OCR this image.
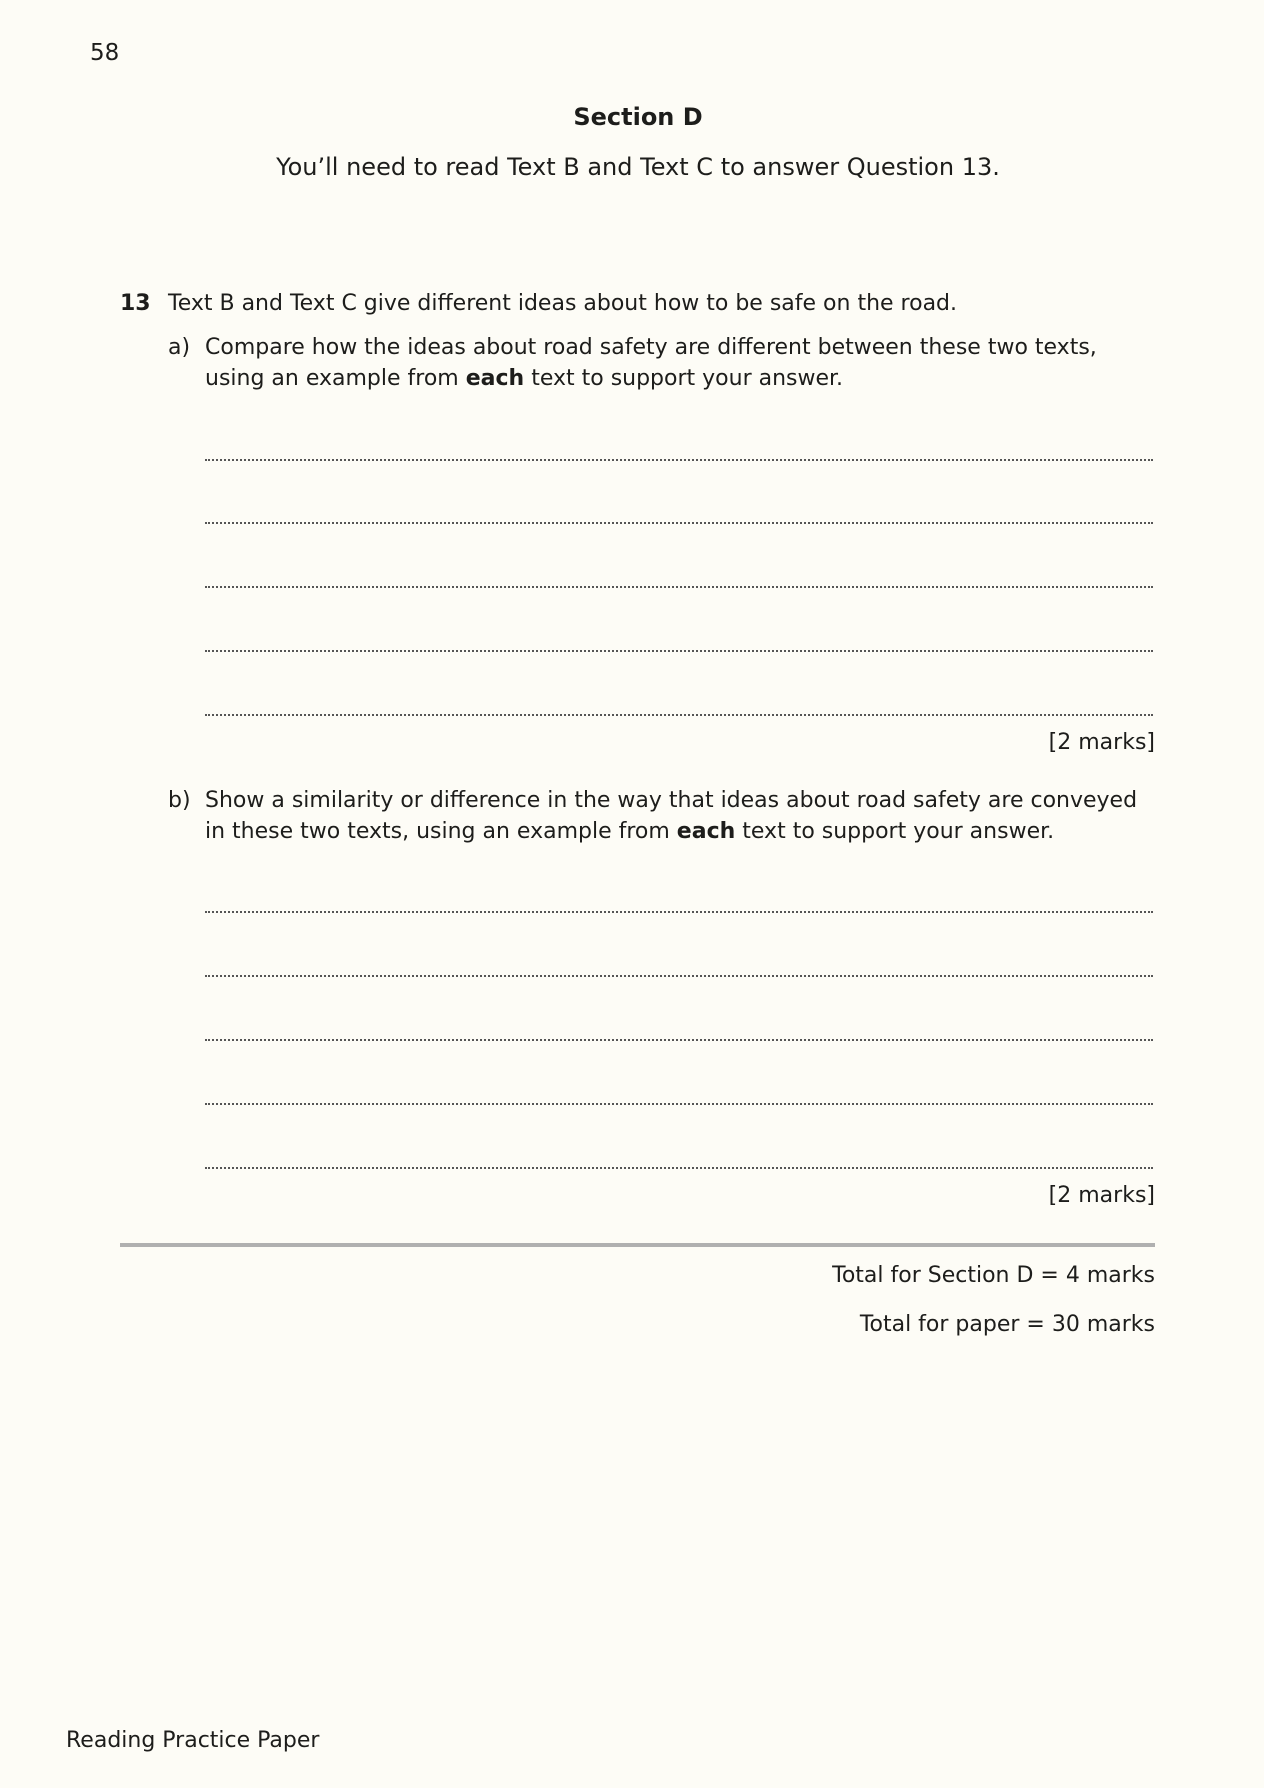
58
Section D
You’ll need to read Text B and Text C to answer Question 13.
13 Text B and Text C give different ideas about how to be safe on the road.
a) Compare how the ideas about road safety are different between these two texts,
using an example from each text to support your answer.
[2 marks]
b) Show a similarity or difference in the way that ideas about road safety are conveyed
in these two texts, using an example from each text to support your answer.
[2 marks]
Total for Section D = 4 marks
Total for paper = 30 marks
Reading Practice Paper
